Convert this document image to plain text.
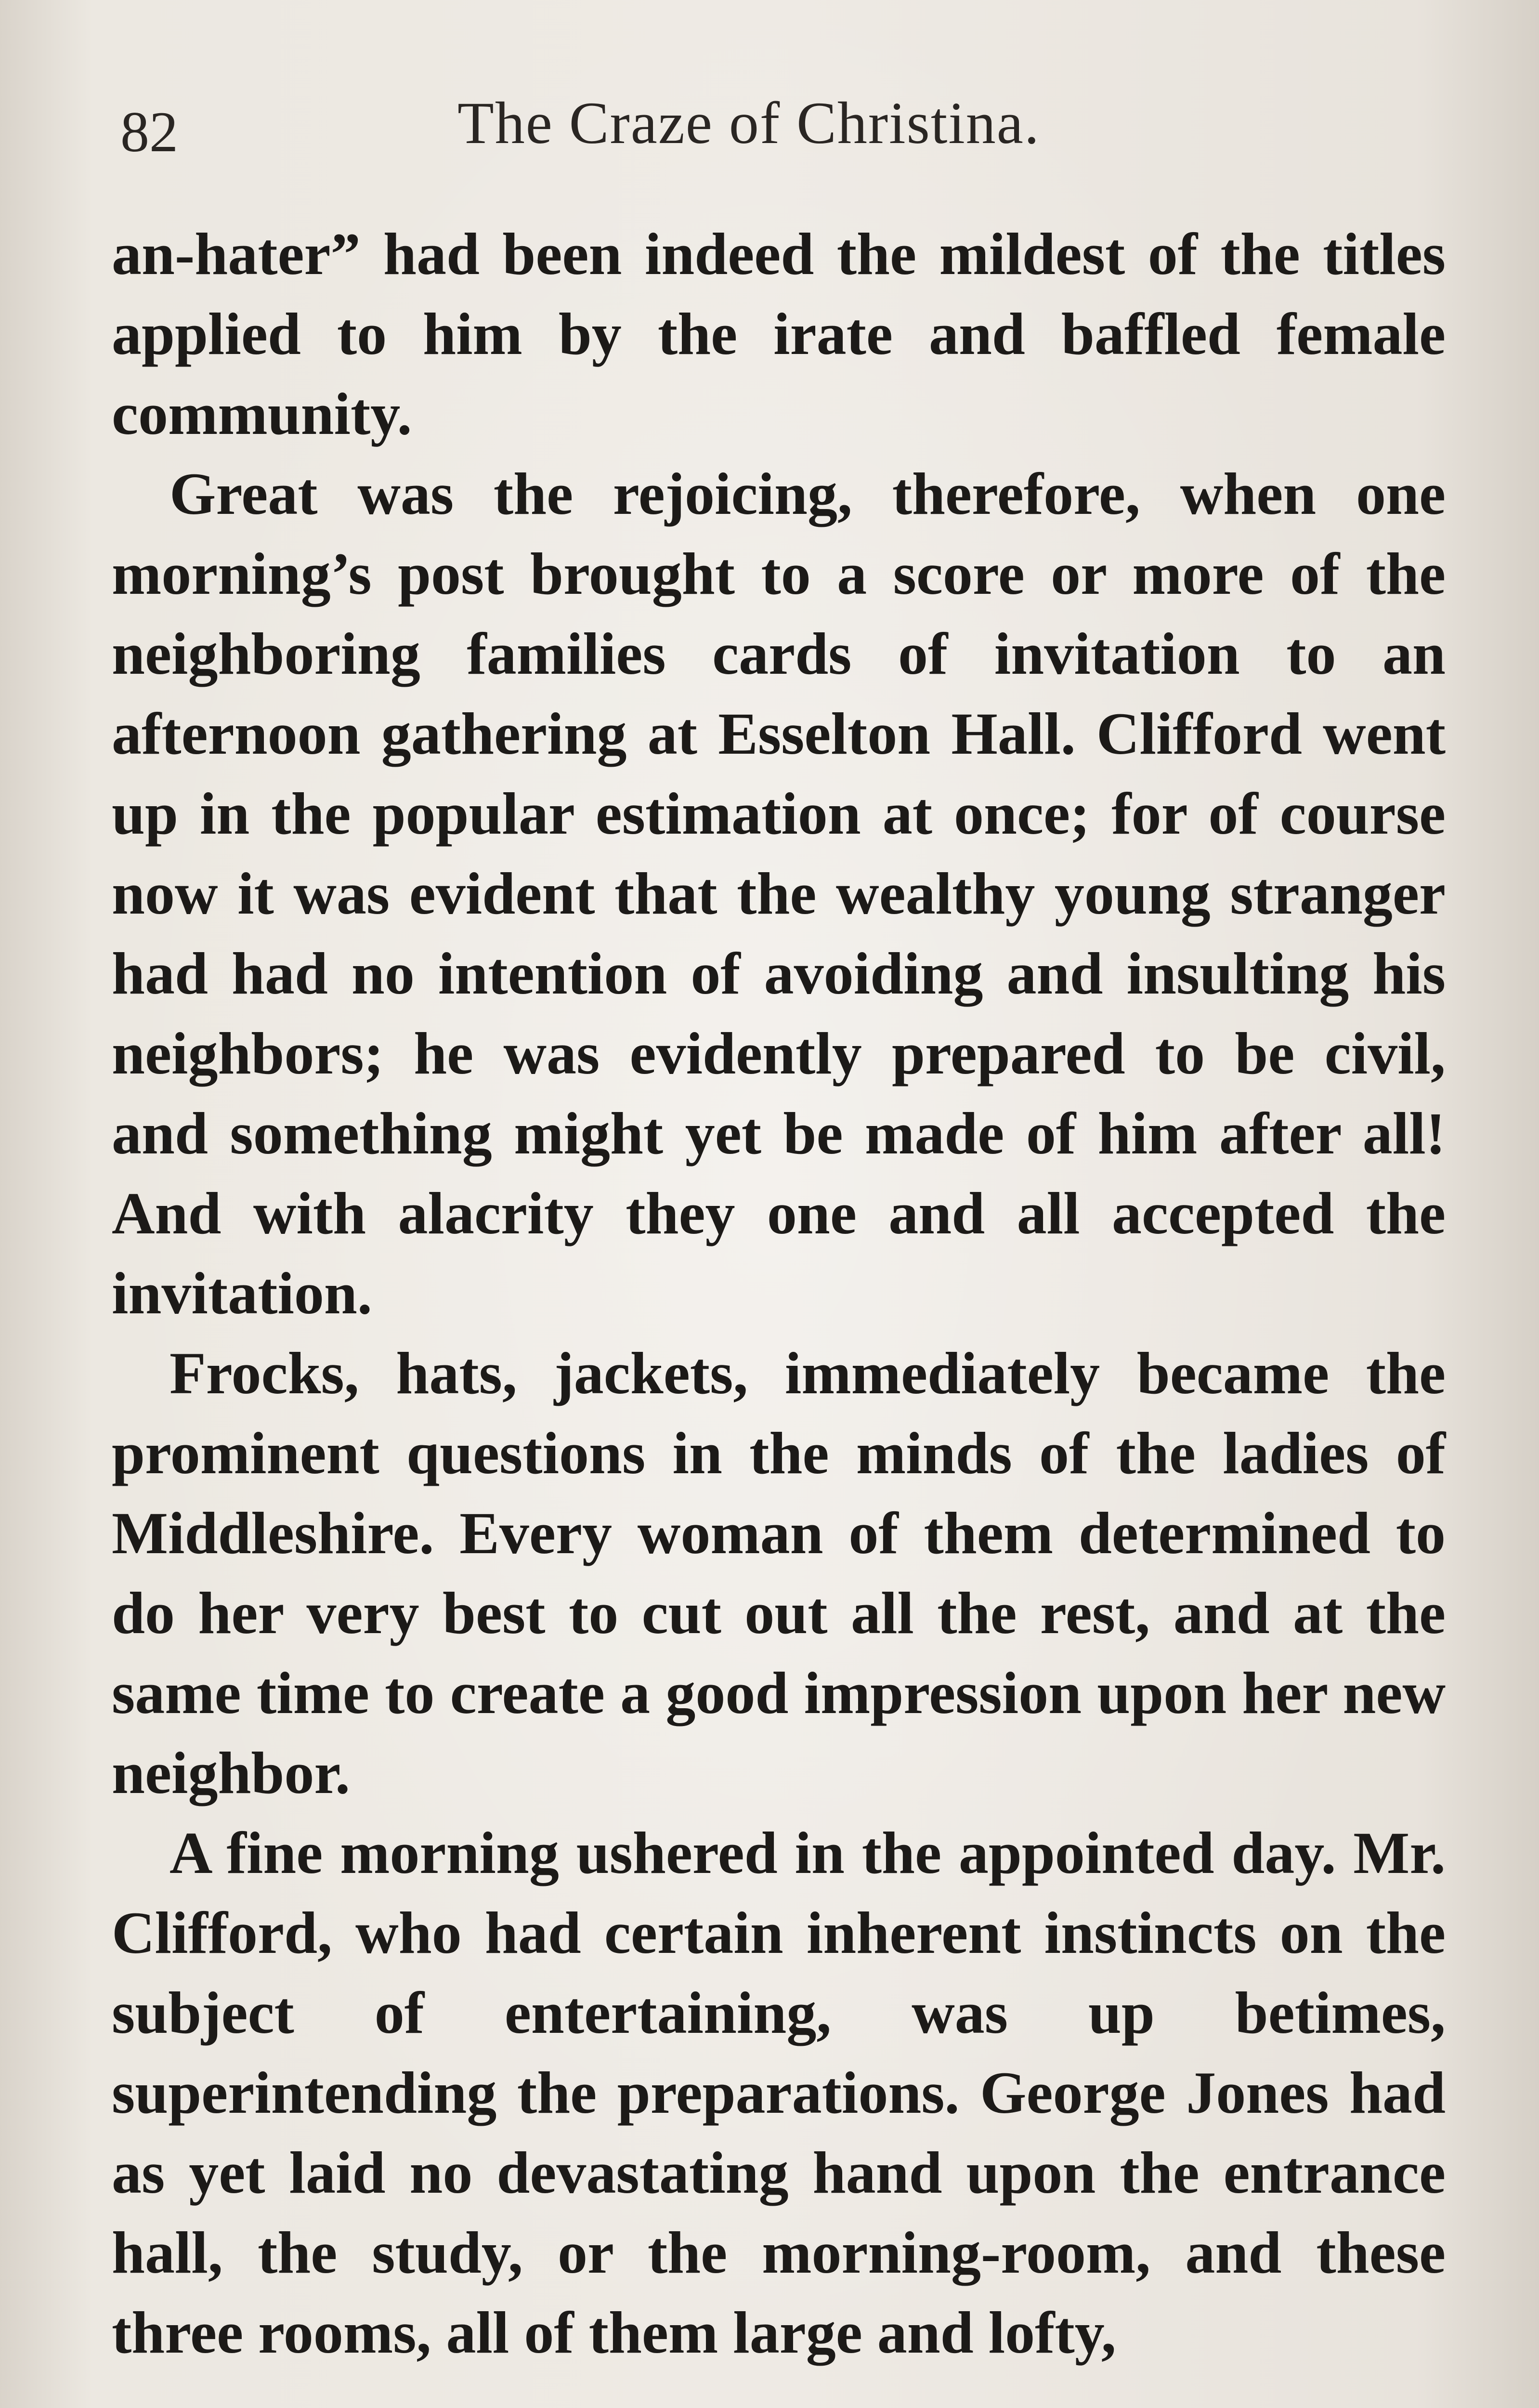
82	The Craze of Christina.

an-hater” had been indeed the mildest of the titles applied to him by the irate and baffled female community.

Great was the rejoicing, therefore, when one morning’s post brought to a score or more of the neighboring families cards of invitation to an afternoon gathering at Esselton Hall. Clifford went up in the popular estimation at once; for of course now it was evident that the wealthy young stranger had had no intention of avoiding and insulting his neighbors; he was evidently prepared to be civil, and something might yet be made of him after all! And with alacrity they one and all accepted the invitation.

Frocks, hats, jackets, immediately became the prominent questions in the minds of the ladies of Middleshire. Every woman of them determined to do her very best to cut out all the rest, and at the same time to create a good impression upon her new neighbor.

A fine morning ushered in the appointed day. Mr. Clifford, who had certain inherent instincts on the subject of entertaining, was up betimes, superintending the preparations. George Jones had as yet laid no devastating hand upon the entrance hall, the study, or the morning-room, and these three rooms, all of them large and lofty,
